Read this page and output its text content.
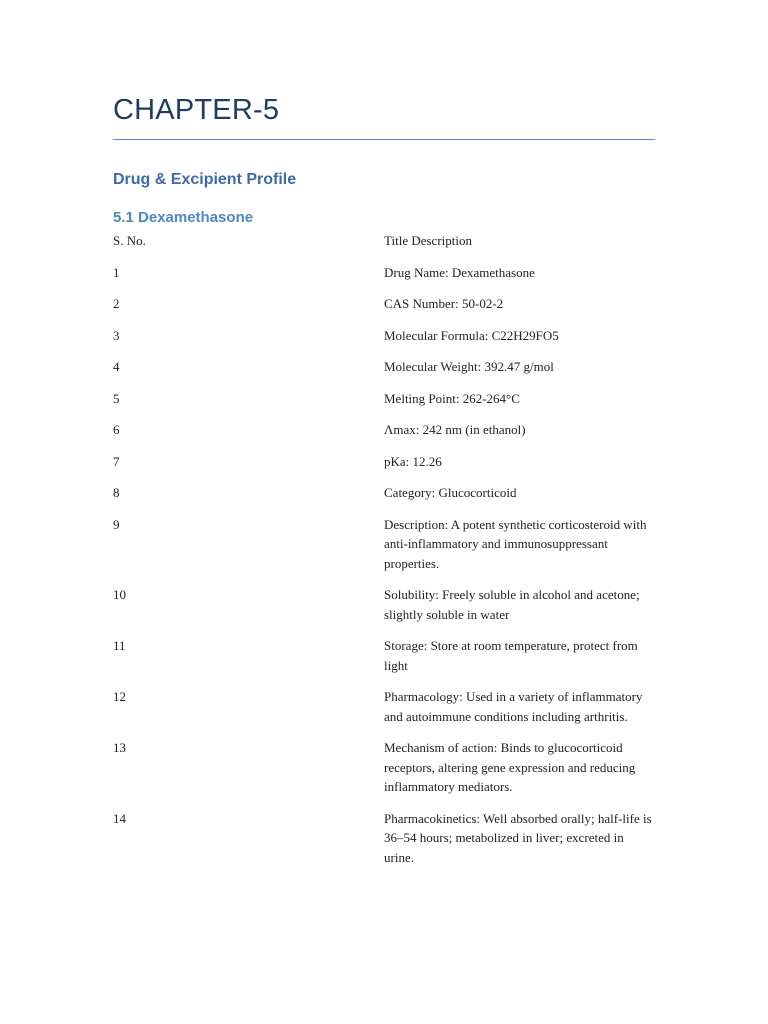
CHAPTER-5
Drug & Excipient Profile
5.1 Dexamethasone
S. No.	Title Description
1	Drug Name: Dexamethasone
2	CAS Number: 50-02-2
3	Molecular Formula: C22H29FO5
4	Molecular Weight: 392.47 g/mol
5	Melting Point: 262-264°C
6	Λmax: 242 nm (in ethanol)
7	pKa: 12.26
8	Category: Glucocorticoid
9	Description: A potent synthetic corticosteroid with anti-inflammatory and immunosuppressant properties.
10	Solubility: Freely soluble in alcohol and acetone; slightly soluble in water
11	Storage: Store at room temperature, protect from light
12	Pharmacology: Used in a variety of inflammatory and autoimmune conditions including arthritis.
13	Mechanism of action: Binds to glucocorticoid receptors, altering gene expression and reducing inflammatory mediators.
14	Pharmacokinetics: Well absorbed orally; half-life is 36–54 hours; metabolized in liver; excreted in urine.
